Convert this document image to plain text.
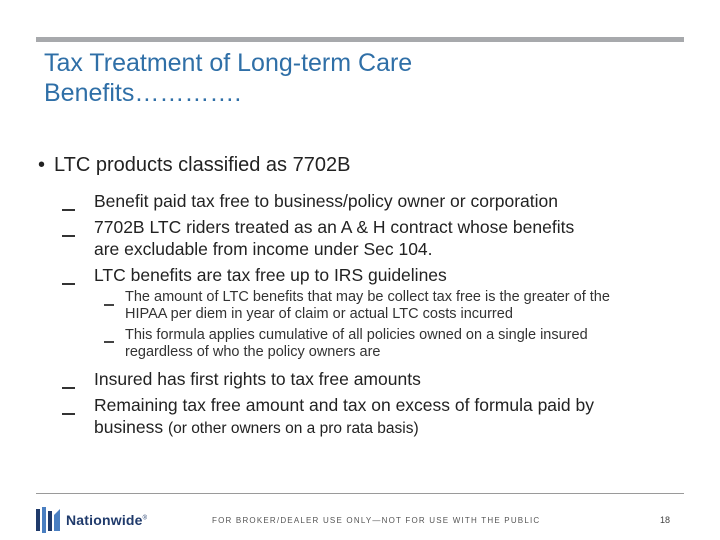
Tax Treatment of Long-term Care
Benefits………….
• LTC products classified as 7702B
Benefit paid tax free to business/policy owner or corporation
7702B LTC riders treated as an A & H contract whose benefits
are excludable from income under Sec 104.
LTC benefits are tax free up to IRS guidelines
The amount of LTC benefits that may be collect tax free is the greater of the
HIPAA per diem in year of claim or actual LTC costs incurred
This formula applies cumulative of all policies owned on a single insured
regardless of who the policy owners are
Insured has first rights to tax free amounts
Remaining tax free amount and tax on excess of formula paid by
business (or other owners on a pro rata basis)
Nationwide®	FOR BROKER/DEALER USE ONLY—NOT FOR USE WITH THE PUBLIC	18
